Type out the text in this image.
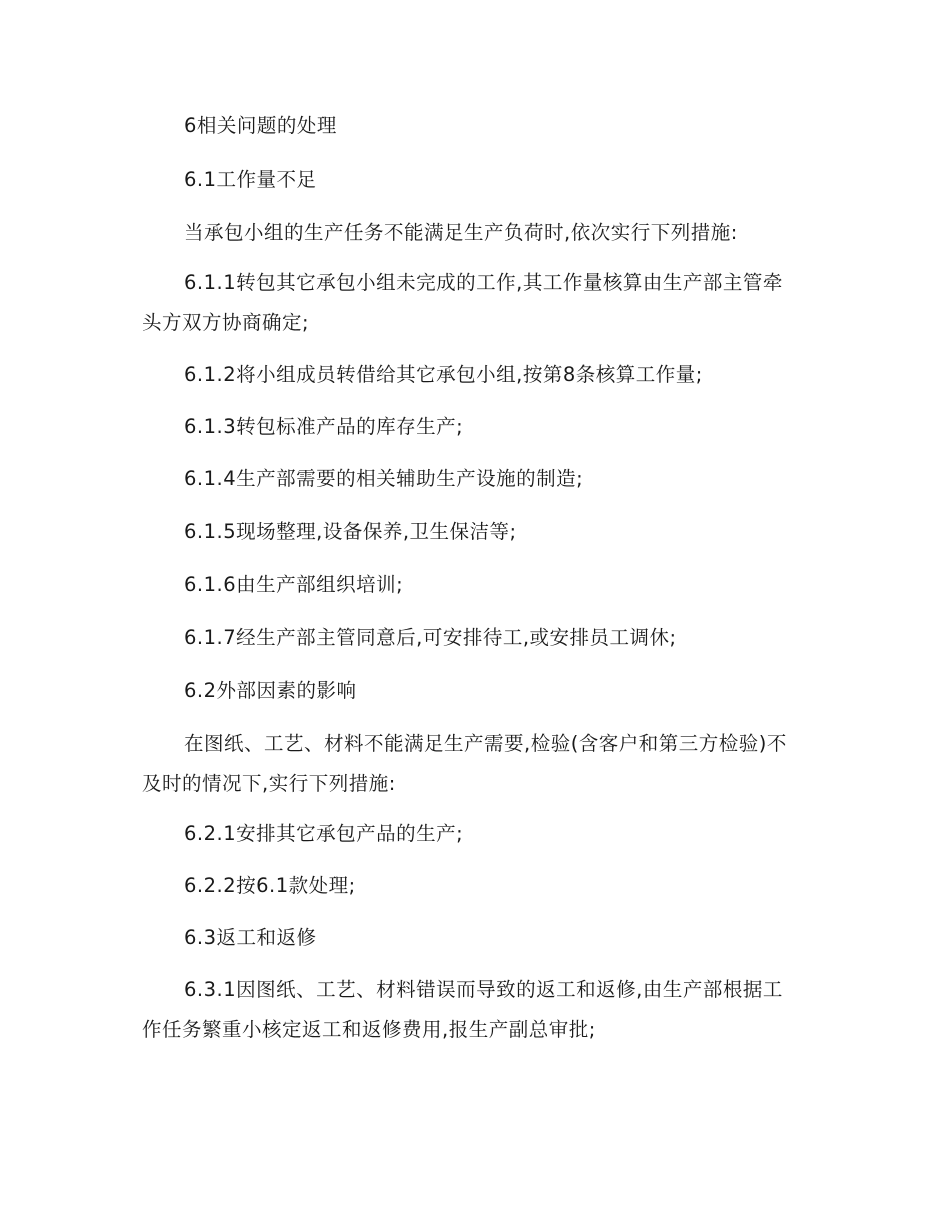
6相关问题的处理

6.1工作量不足

当承包小组的生产任务不能满足生产负荷时,依次实行下列措施:

6.1.1转包其它承包小组未完成的工作,其工作量核算由生产部主管牵头方双方协商确定;

6.1.2将小组成员转借给其它承包小组,按第8条核算工作量;

6.1.3转包标准产品的库存生产;

6.1.4生产部需要的相关辅助生产设施的制造;

6.1.5现场整理,设备保养,卫生保洁等;

6.1.6由生产部组织培训;

6.1.7经生产部主管同意后,可安排待工,或安排员工调休;

6.2外部因素的影响

在图纸、工艺、材料不能满足生产需要,检验(含客户和第三方检验)不及时的情况下,实行下列措施:

6.2.1安排其它承包产品的生产;

6.2.2按6.1款处理;

6.3返工和返修

6.3.1因图纸、工艺、材料错误而导致的返工和返修,由生产部根据工作任务繁重小核定返工和返修费用,报生产副总审批;
